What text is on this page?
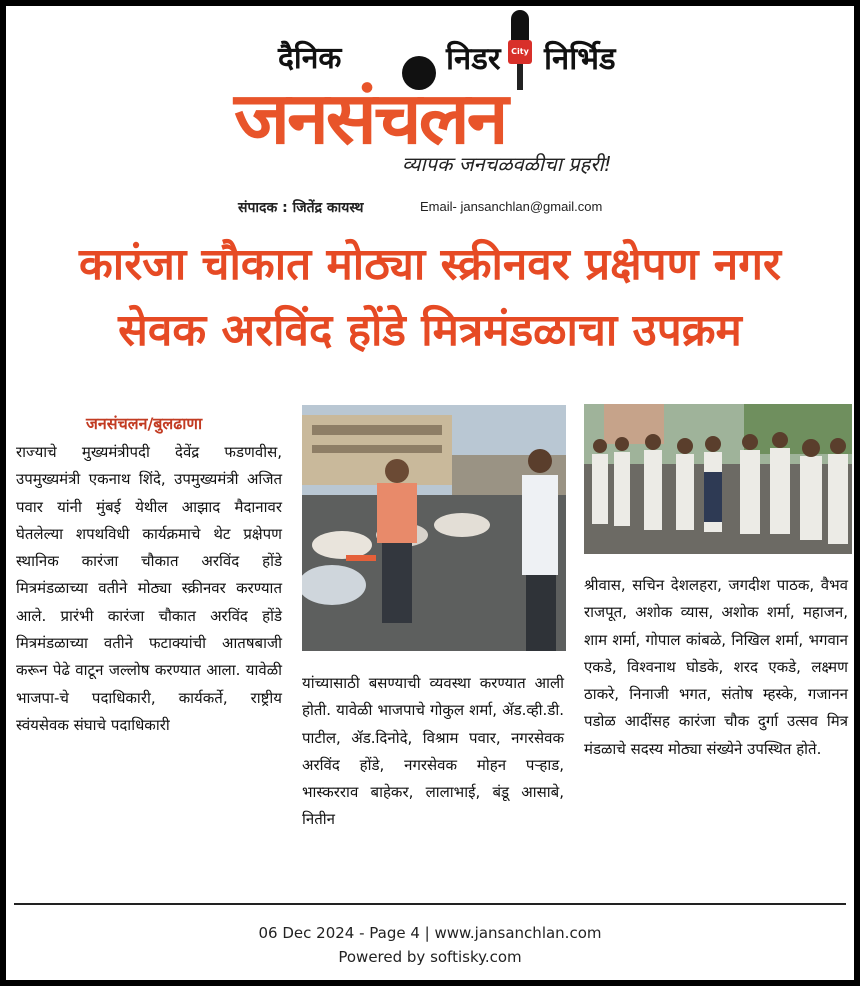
दैनिक	निडर	City निर्भिड
जनसंचलन
व्यापक जनचळवळीचा प्रहरी!
संपादक : जितेंद्र कायस्थ	Email- jansanchlan@gmail.com
कारंजा चौकात मोठ्या स्क्रीनवर प्रक्षेपण नगर
सेवक अरविंद होंडे मित्रमंडळाचा उपक्रम
जनसंचलन/बुलढाणा
राज्याचे मुख्यमंत्रीपदी देवेंद्र फडणवीस, उपमुख्यमंत्री एकनाथ शिंदे, उपमुख्यमंत्री अजित पवार यांनी मुंबई येथील आझाद मैदानावर घेतलेल्या शपथविधी कार्यक्रमाचे थेट प्रक्षेपण स्थानिक कारंजा चौकात अरविंद होंडे मित्रमंडळाच्या वतीने मोठ्या स्क्रीनवर करण्यात आले. प्रारंभी कारंजा चौकात अरविंद होंडे मित्रमंडळाच्या वतीने फटाक्यांची आतषबाजी करून पेढे वाटून जल्लोष करण्यात आला. यावेळी भाजपा-चे पदाधिकारी, कार्यकर्ते, राष्ट्रीय स्वंयसेवक संघाचे पदाधिकारी
यांच्यासाठी बसण्याची व्यवस्था करण्यात आली होती. यावेळी भाजपाचे गोकुल शर्मा, ॲड.व्ही.डी. पाटील, ॲड.दिनोदे, विश्राम पवार, नगरसेवक अरविंद होंडे, नगरसेवक मोहन पऱ्हाड, भास्करराव बाहेकर, लालाभाई, बंडू आसाबे, नितीन
श्रीवास, सचिन देशलहरा, जगदीश पाठक, वैभव राजपूत, अशोक व्यास, अशोक शर्मा, महाजन, शाम शर्मा, गोपाल कांबळे, निखिल शर्मा, भगवान एकडे, विश्वनाथ घोडके, शरद एकडे, लक्ष्मण ठाकरे, निनाजी भगत, संतोष म्हस्के, गजानन पडोळ आदींसह कारंजा चौक दुर्गा उत्सव मित्र मंडळाचे सदस्य मोठ्या संख्येने उपस्थित होते.
06 Dec 2024 - Page 4 | www.jansanchlan.com
Powered by softisky.com
